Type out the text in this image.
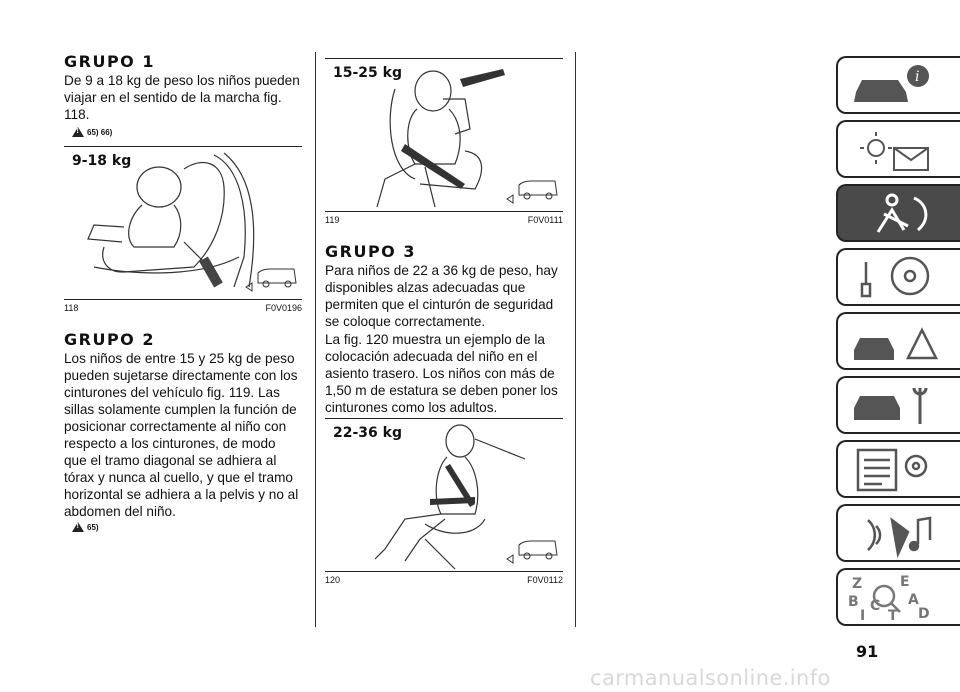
GRUPO 1

De 9 a 18 kg de peso los niños pueden viajar en el sentido de la marcha fig. 118.

!
65) 66)
9-18 kg
118	F0V0196
GRUPO 2

Los niños de entre 15 y 25 kg de peso pueden sujetarse directamente con los cinturones del vehículo fig. 119. Las sillas solamente cumplen la función de posicionar correctamente al niño con respecto a los cinturones, de modo que el tramo diagonal se adhiera al tórax y nunca al cuello, y que el tramo horizontal se adhiera a la pelvis y no al abdomen del niño.

!
65)
15-25 kg
119	F0V0111
GRUPO 3

Para niños de 22 a 36 kg de peso, hay disponibles alzas adecuadas que permiten que el cinturón de seguridad se coloque correctamente.

La fig. 120 muestra un ejemplo de la colocación adecuada del niño en el asiento trasero. Los niños con más de 1,50 m de estatura se deben poner los cinturones como los adultos.

22-36 kg
120	F0V0112
i
Z	E
B	A
I
C
T D
91
carmanualsonline.info
